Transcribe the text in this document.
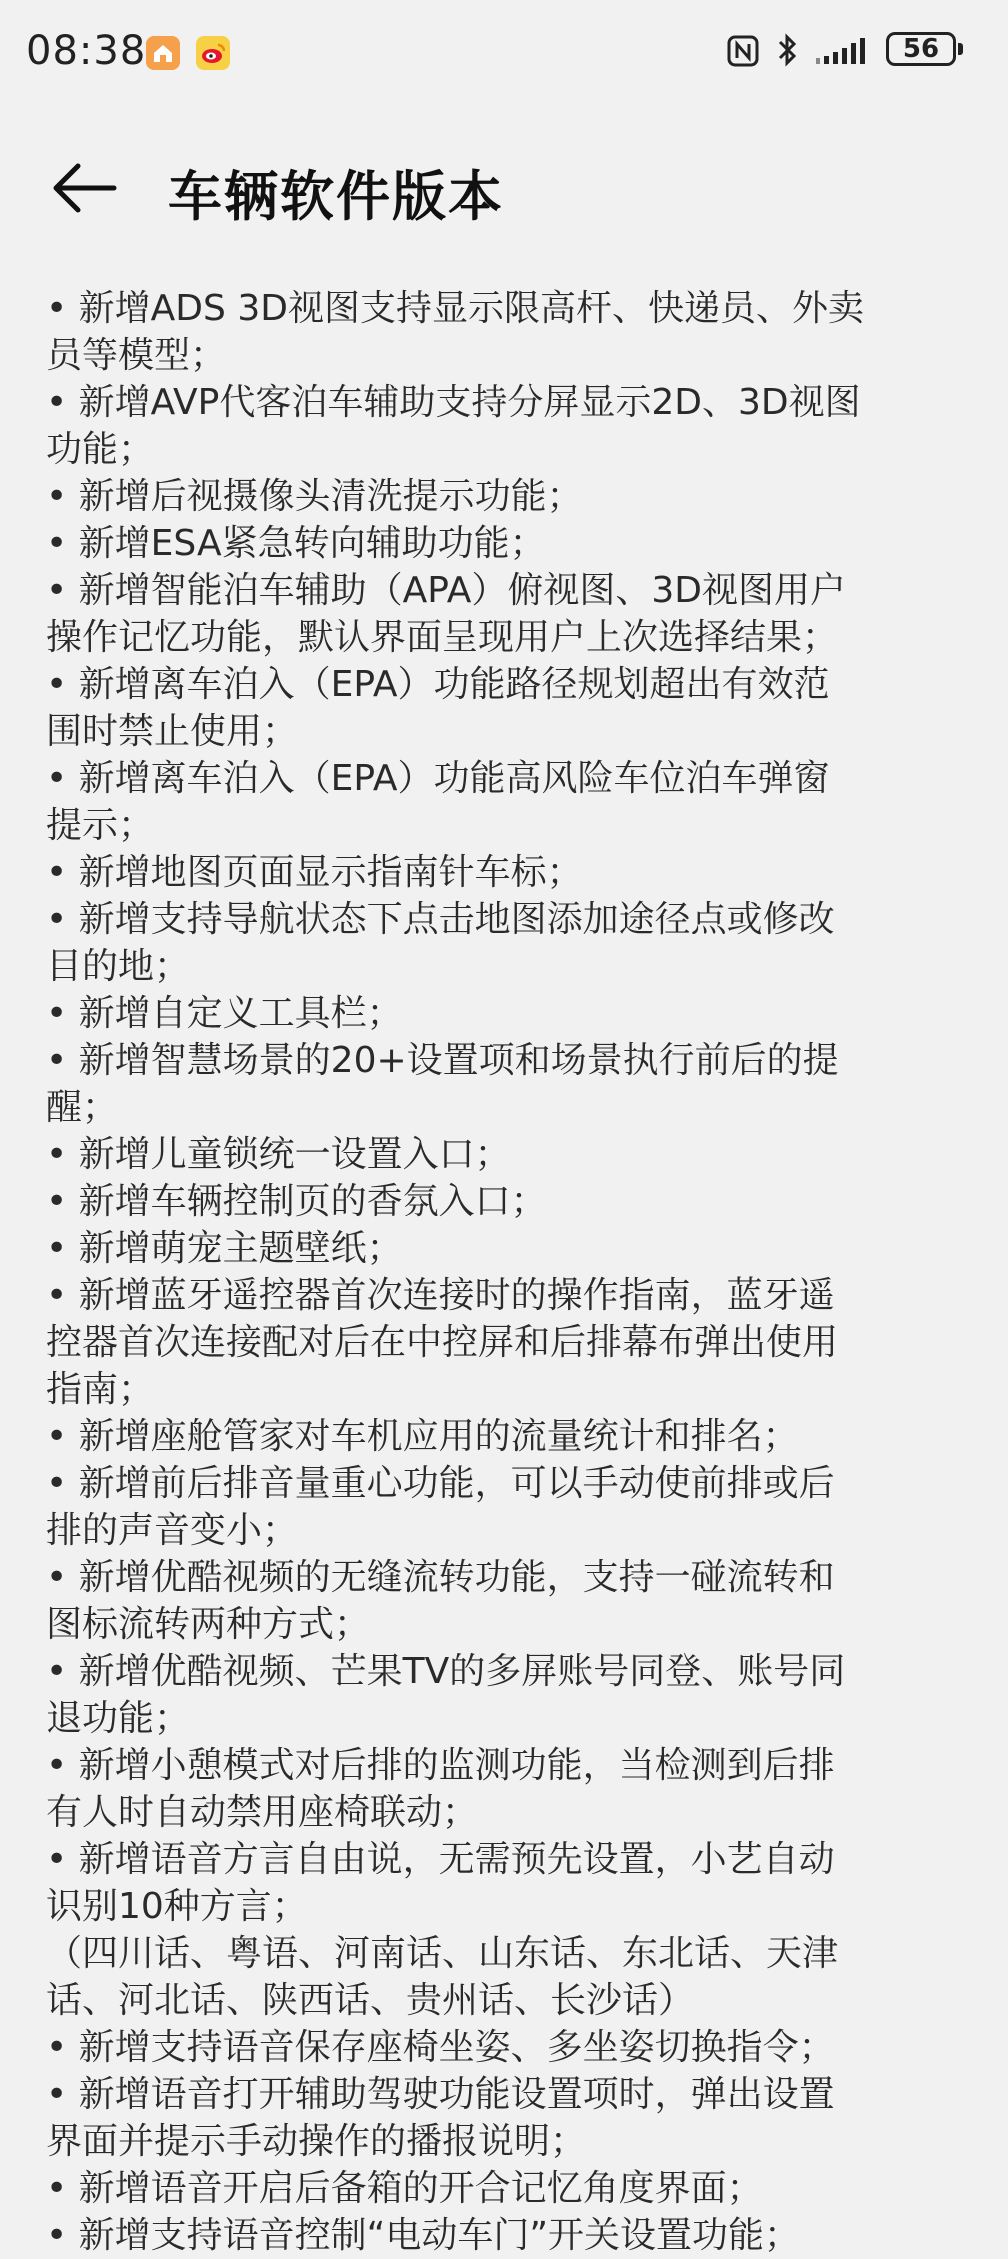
08:38	56
车辆软件版本
• 新增ADS 3D视图支持显示限高杆、快递员、外卖
员等模型；
• 新增AVP代客泊车辅助支持分屏显示2D、3D视图
功能；
• 新增后视摄像头清洗提示功能；
• 新增ESA紧急转向辅助功能；
• 新增智能泊车辅助（APA）俯视图、3D视图用户
操作记忆功能，默认界面呈现用户上次选择结果；
• 新增离车泊入（EPA）功能路径规划超出有效范
围时禁止使用；
• 新增离车泊入（EPA）功能高风险车位泊车弹窗
提示；
• 新增地图页面显示指南针车标；
• 新增支持导航状态下点击地图添加途径点或修改
目的地；
• 新增自定义工具栏；
• 新增智慧场景的20+设置项和场景执行前后的提
醒；
• 新增儿童锁统一设置入口；
• 新增车辆控制页的香氛入口；
• 新增萌宠主题壁纸；
• 新增蓝牙遥控器首次连接时的操作指南，蓝牙遥
控器首次连接配对后在中控屏和后排幕布弹出使用
指南；
• 新增座舱管家对车机应用的流量统计和排名；
• 新增前后排音量重心功能，可以手动使前排或后
排的声音变小；
• 新增优酷视频的无缝流转功能，支持一碰流转和
图标流转两种方式；
• 新增优酷视频、芒果TV的多屏账号同登、账号同
退功能；
• 新增小憩模式对后排的监测功能，当检测到后排
有人时自动禁用座椅联动；
• 新增语音方言自由说，无需预先设置，小艺自动
识别10种方言；
（四川话、粤语、河南话、山东话、东北话、天津
话、河北话、陕西话、贵州话、长沙话）
• 新增支持语音保存座椅坐姿、多坐姿切换指令；
• 新增语音打开辅助驾驶功能设置项时，弹出设置
界面并提示手动操作的播报说明；
• 新增语音开启后备箱的开合记忆角度界面；
• 新增支持语音控制“电动车门”开关设置功能；
